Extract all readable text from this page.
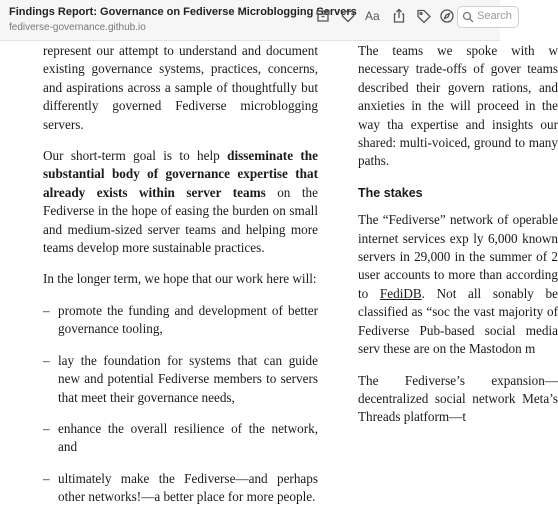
Findings Report: Governance on Fediverse Microblogging Servers
fediverse-governance.github.io
Aa	Search

represent our attempt to understand and document existing governance systems, practices, concerns, and aspirations across a sample of thoughtfully but differently governed Fediverse microblogging servers.

Our short-term goal is to help disseminate the substantial body of governance expertise that already exists within server teams on the Fediverse in the hope of easing the burden on small and medium-sized server teams and helping more teams develop more sustainable practices.

In the longer term, we hope that our work here will:

– promote the funding and development of better governance tooling,
– lay the foundation for systems that can guide new and potential Fediverse members to servers that meet their governance needs,
– enhance the overall resilience of the network, and
– ultimately make the Fediverse—and perhaps other networks!—a better place for more people.

The teams we spoke with w necessary trade-offs of gover teams described their govern rations, and anxieties in the will proceed in the way tha expertise and insights our shared: multi-voiced, ground to many paths.

The stakes

The “Fediverse” network of operable internet services exp ly 6,000 known servers in 29,000 in the summer of 2 user accounts to more than according to FediDB. Not all sonably be classified as “soc the vast majority of Fediverse Pub-based social media serv these are on the Mastodon m

The Fediverse’s expansion— decentralized social network Meta’s Threads platform—t
